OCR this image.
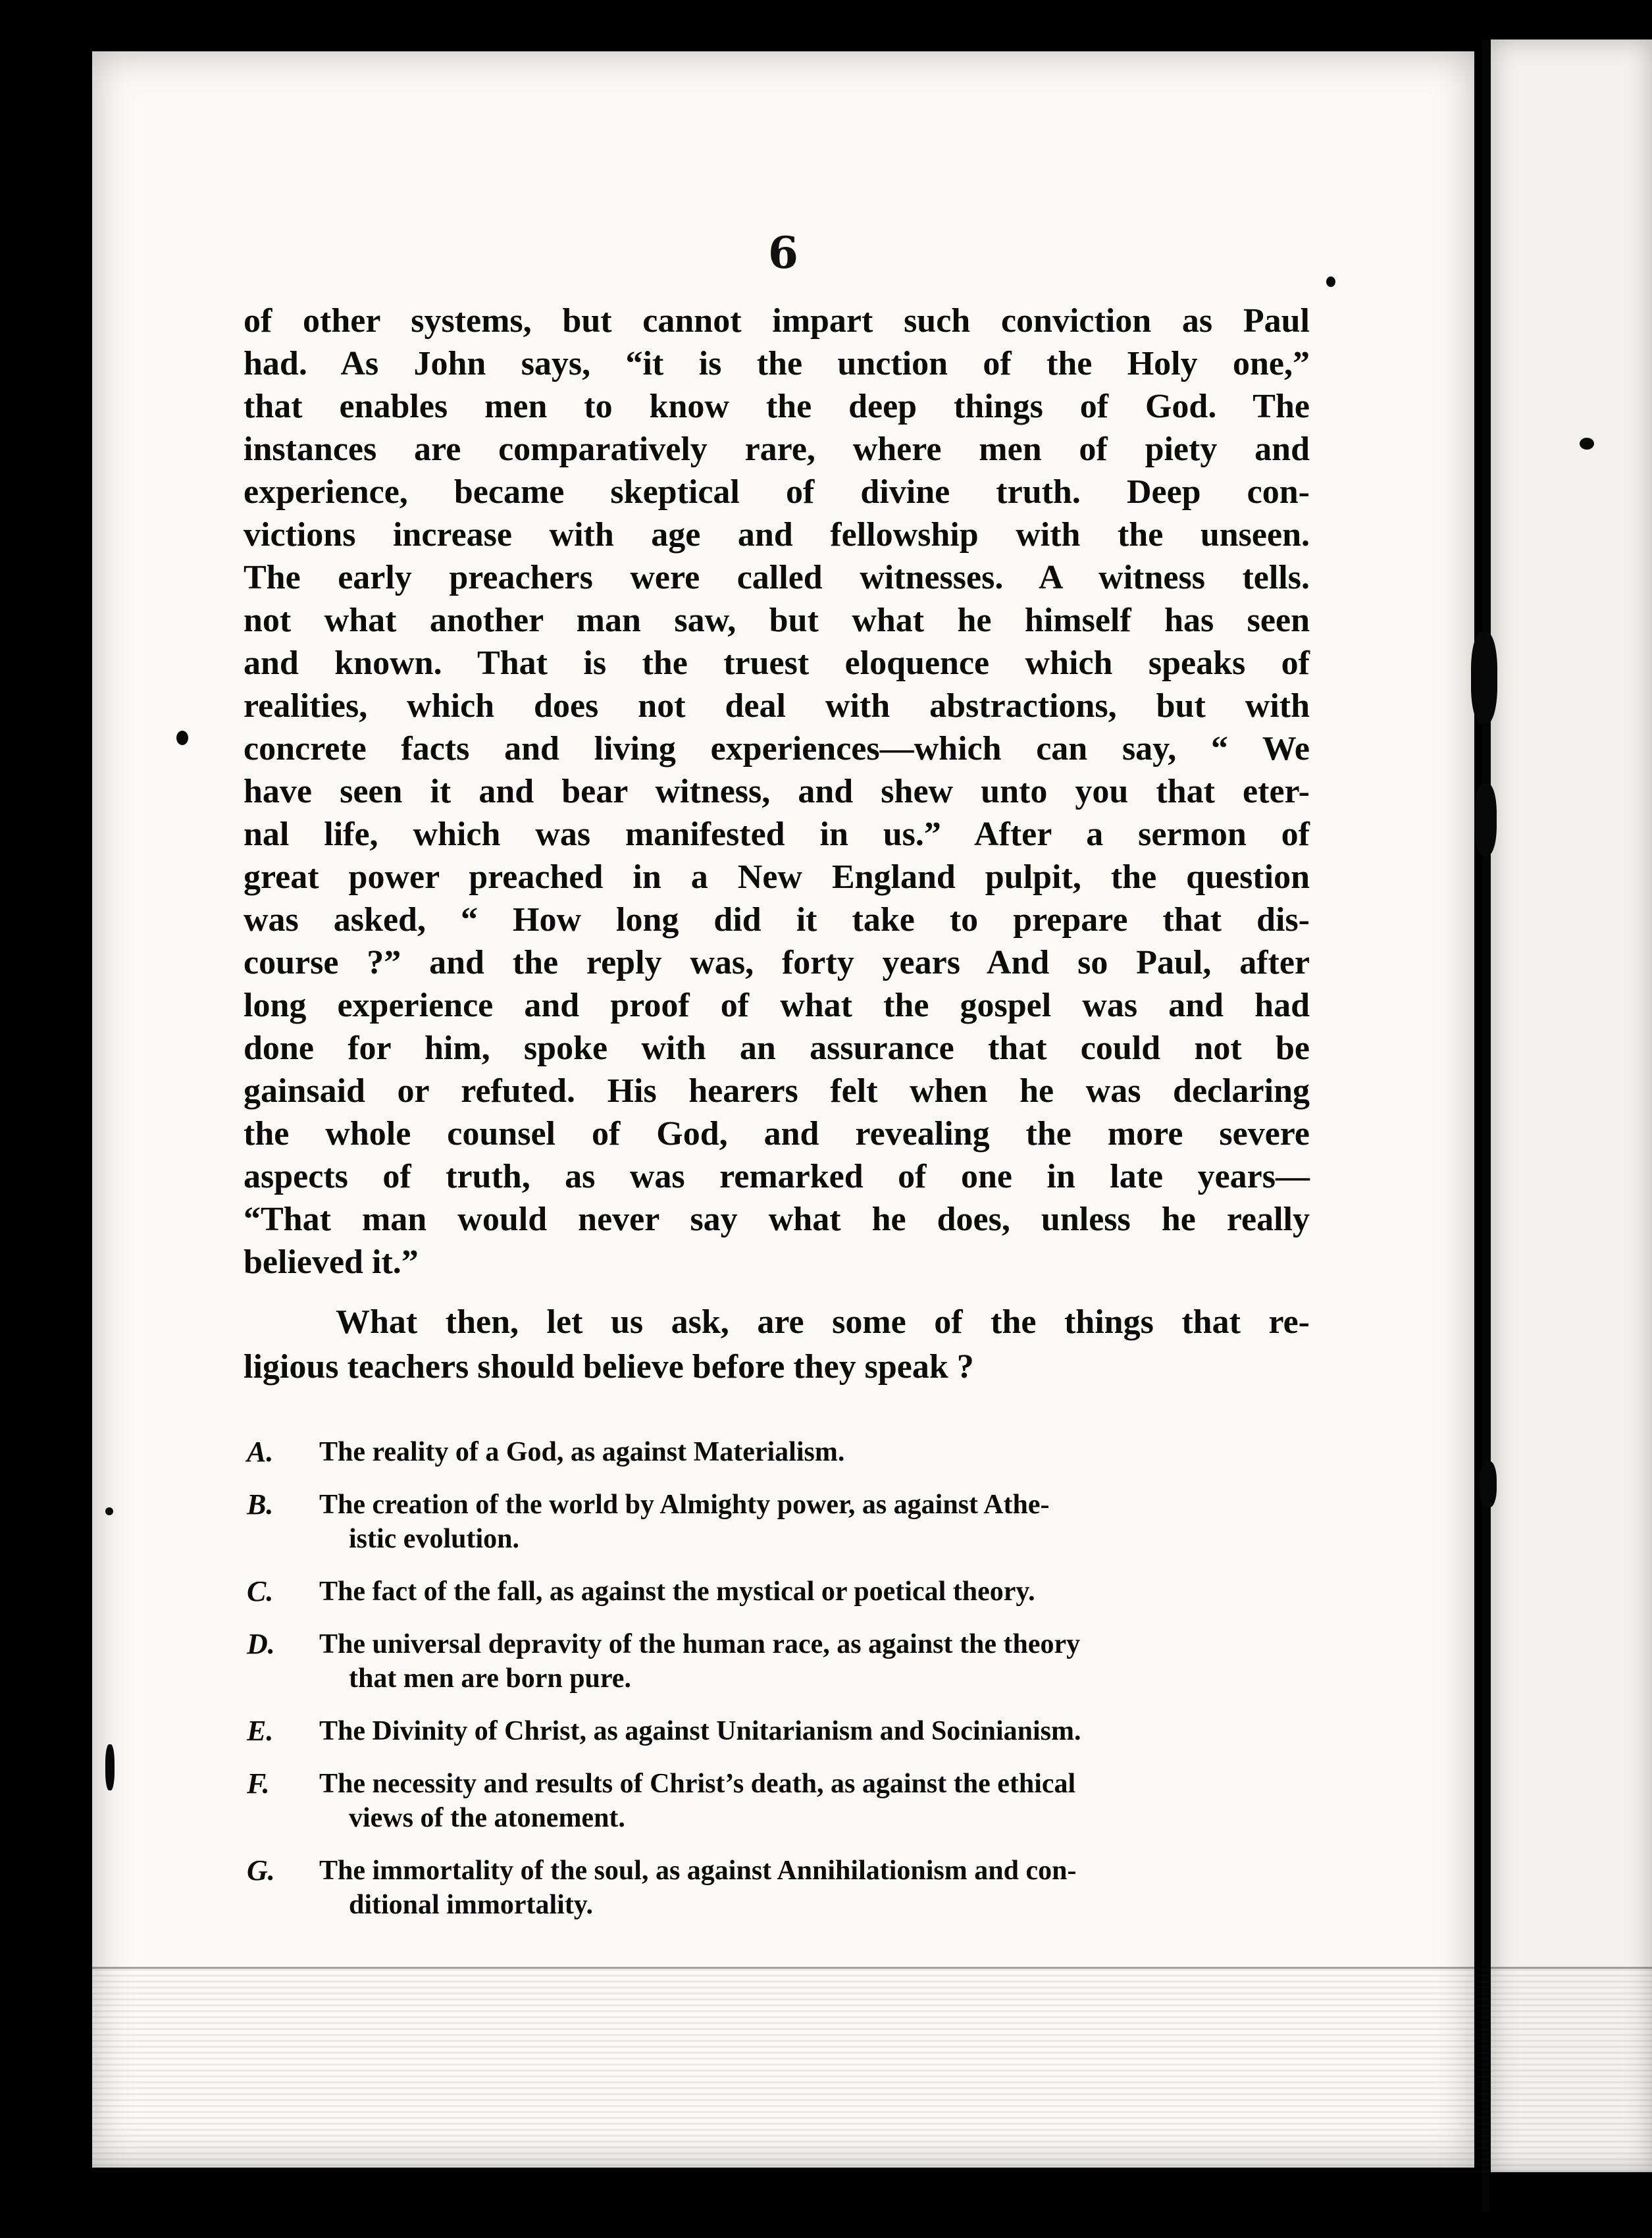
6
of other systems, but cannot impart such conviction as Paul
had. As John says, “it is the unction of the Holy one,”
that enables men to know the deep things of God. The
instances are comparatively rare, where men of piety and
experience, became skeptical of divine truth. Deep con-
victions increase with age and fellowship with the unseen.
The early preachers were called witnesses. A witness tells.
not what another man saw, but what he himself has seen
and known. That is the truest eloquence which speaks of
realities, which does not deal with abstractions, but with
concrete facts and living experiences—which can say, “ We
have seen it and bear witness, and shew unto you that eter-
nal life, which was manifested in us.” After a sermon of
great power preached in a New England pulpit, the question
was asked, “ How long did it take to prepare that dis-
course ?” and the reply was, forty years And so Paul, after
long experience and proof of what the gospel was and had
done for him, spoke with an assurance that could not be
gainsaid or refuted. His hearers felt when he was declaring
the whole counsel of God, and revealing the more severe
aspects of truth, as was remarked of one in late years—
“That man would never say what he does, unless he really
believed it.”
What then, let us ask, are some of the things that re-
ligious teachers should believe before they speak ?
A.	The reality of a God, as against Materialism.
B.	The creation of the world by Almighty power, as against Athe-
istic evolution.
C.	The fact of the fall, as against the mystical or poetical theory.
D.	The universal depravity of the human race, as against the theory
that men are born pure.
E.	The Divinity of Christ, as against Unitarianism and Socinianism.
F.	The necessity and results of Christ’s death, as against the ethical
views of the atonement.
G.	The immortality of the soul, as against Annihilationism and con-
ditional immortality.
